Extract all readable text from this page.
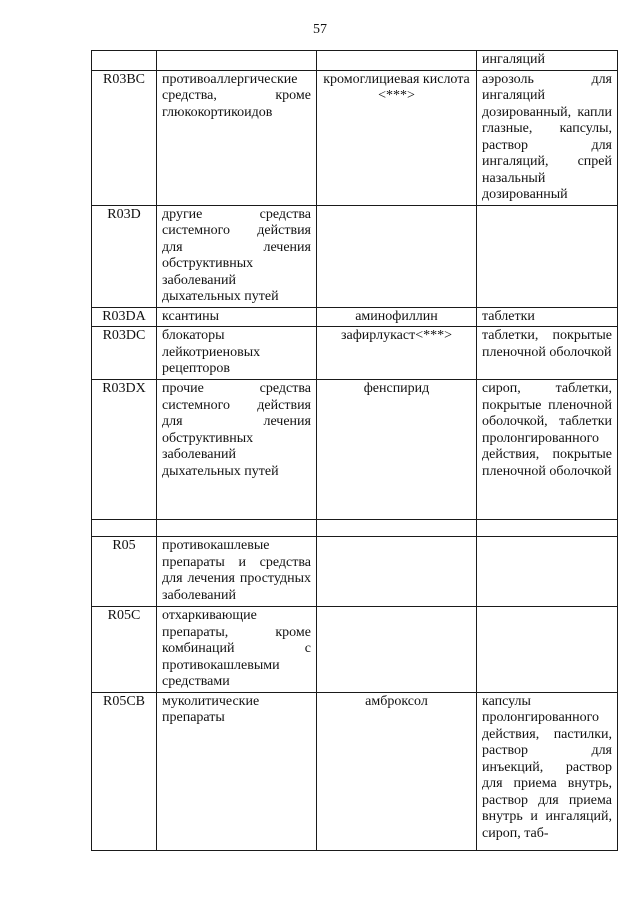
57
			ингаляций
R03BC	противоаллергические средства, кроме глюкокортикоидов	кромоглициевая кислота <***>	аэрозоль для ингаляций дозированный, капли глазные, капсулы, раствор для ингаляций, спрей назальный дозированный
R03D	другие средства системного действия для лечения обструктивных заболеваний дыхательных путей		
R03DA	ксантины	аминофиллин	таблетки
R03DC	блокаторы лейкотриеновых рецепторов	зафирлукаст<***>	таблетки, покрытые пленочной оболочкой
R03DX	прочие средства системного действия для лечения обструктивных заболеваний дыхательных путей	фенспирид	сироп, таблетки, покрытые пленочной оболочкой, таблетки пролонгированного действия, покрытые пленочной оболочкой

R05	противокашлевые препараты и средства для лечения простудных заболеваний		
R05C	отхаркивающие препараты, кроме комбинаций с противокашлевыми средствами		
R05CB	муколитические препараты	амброксол	капсулы пролонгированного действия, пастилки, раствор для инъекций, раствор для приема внутрь, раствор для приема внутрь и ингаляций, сироп, таб-
